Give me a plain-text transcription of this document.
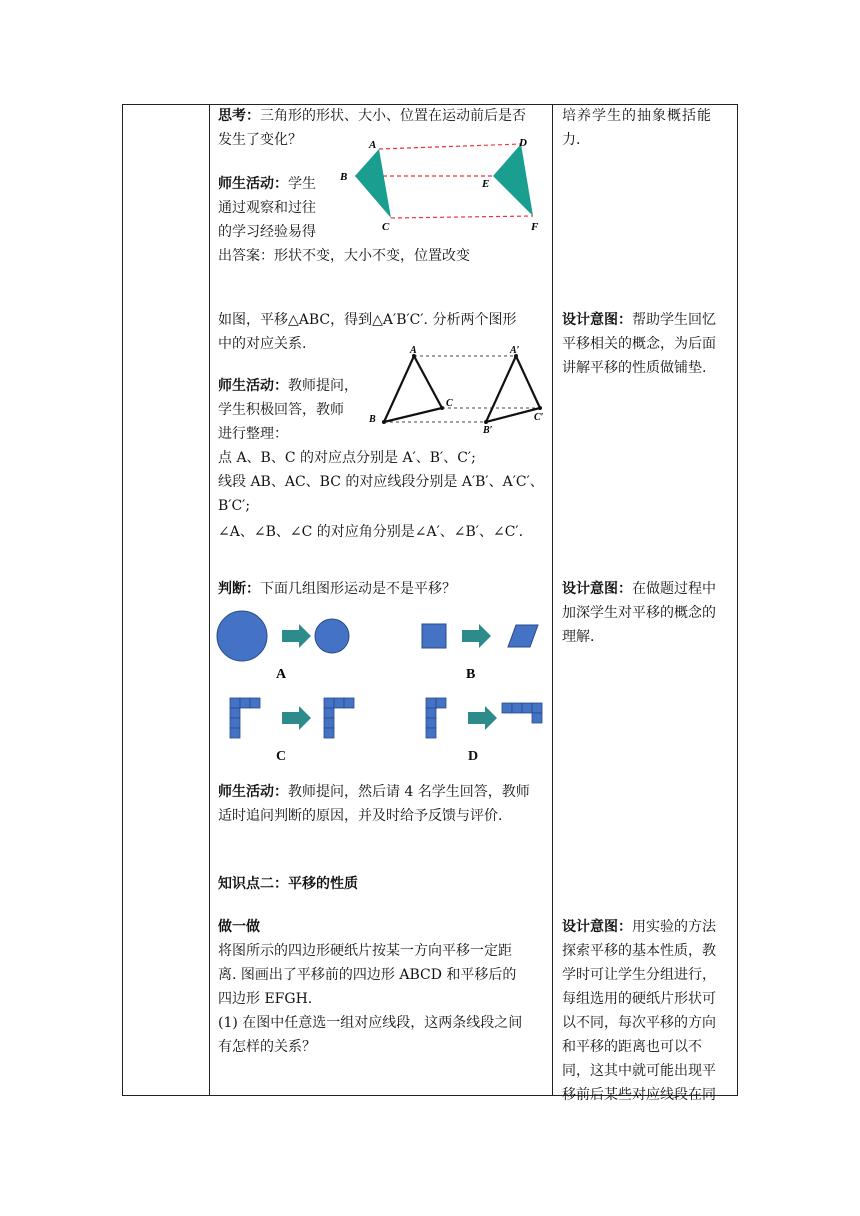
思考：三角形的形状、大小、位置在运动前后是否

发生了变化？

师生活动：学生

通过观察和过往

的学习经验易得

出答案：形状不变，大小不变，位置改变

A
B
C
D
E
F

培养学生的抽象概括能

力.

如图，平移△ABC，得到△A′B′C′. 分析两个图形

中的对应关系.

师生活动：教师提问，

学生积极回答，教师

进行整理：

点 A、B、C 的对应点分别是 A′、B′、C′;

线段 AB、AC、BC 的对应线段分别是 A′B′、A′C′、

B′C′;

∠A、∠B、∠C 的对应角分别是∠A′、∠B′、∠C′.

A
B
C
A′
B′
C′

设计意图：帮助学生回忆

平移相关的概念，为后面

讲解平移的性质做铺垫.

判断：下面几组图形运动是不是平移？

A	B
C	D

师生活动：教师提问，然后请 4 名学生回答，教师

适时追问判断的原因，并及时给予反馈与评价.

设计意图：在做题过程中

加深学生对平移的概念的

理解.

知识点二：平移的性质

做一做

将图所示的四边形硬纸片按某一方向平移一定距

离. 图画出了平移前的四边形 ABCD 和平移后的

四边形 EFGH.

(1) 在图中任意选一组对应线段，这两条线段之间

有怎样的关系？

设计意图：用实验的方法

探索平移的基本性质，教

学时可让学生分组进行，

每组选用的硬纸片形状可

以不同，每次平移的方向

和平移的距离也可以不

同，这其中就可能出现平

移前后某些对应线段在同
